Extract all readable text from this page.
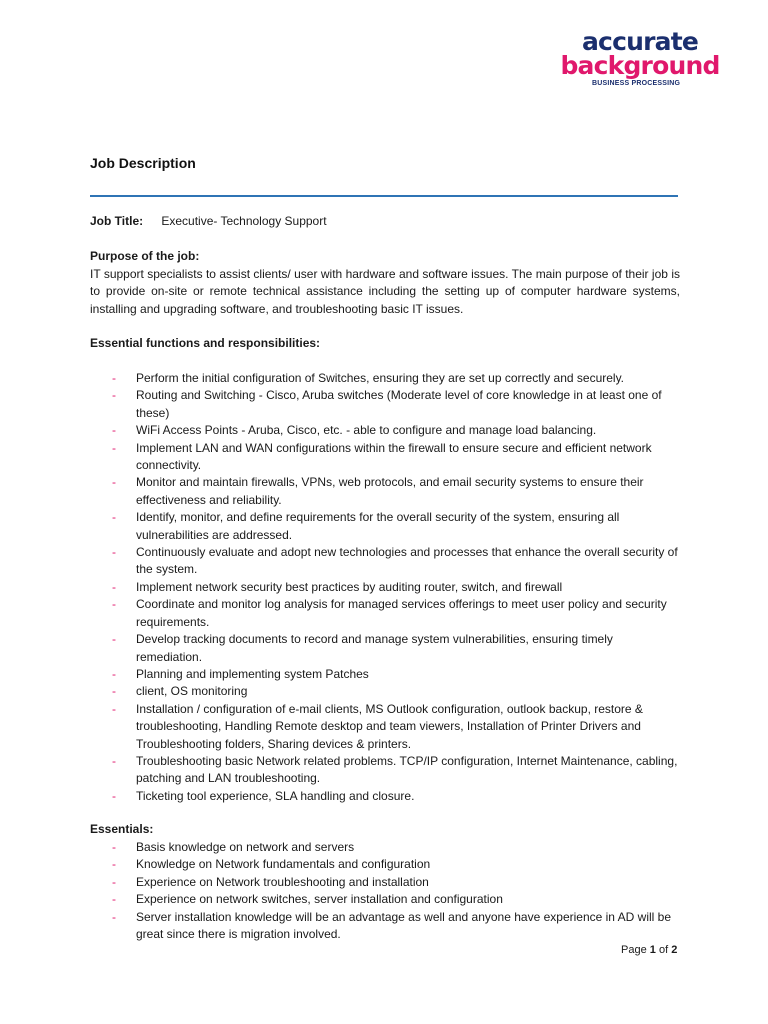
accurate
background
BUSINESS PROCESSING
Job Description
Job Title: Executive- Technology Support
Purpose of the job:
IT support specialists to assist clients/ user with hardware and software issues. The main purpose of their job is to provide on-site or remote technical assistance including the setting up of computer hardware systems, installing and upgrading software, and troubleshooting basic IT issues.
Essential functions and responsibilities:
- Perform the initial configuration of Switches, ensuring they are set up correctly and securely.
- Routing and Switching - Cisco, Aruba switches (Moderate level of core knowledge in at least one of these)
- WiFi Access Points - Aruba, Cisco, etc. - able to configure and manage load balancing.
- Implement LAN and WAN configurations within the firewall to ensure secure and efficient network connectivity.
- Monitor and maintain firewalls, VPNs, web protocols, and email security systems to ensure their effectiveness and reliability.
- Identify, monitor, and define requirements for the overall security of the system, ensuring all vulnerabilities are addressed.
- Continuously evaluate and adopt new technologies and processes that enhance the overall security of the system.
- Implement network security best practices by auditing router, switch, and firewall
- Coordinate and monitor log analysis for managed services offerings to meet user policy and security requirements.
- Develop tracking documents to record and manage system vulnerabilities, ensuring timely remediation.
- Planning and implementing system Patches
- client, OS monitoring
- Installation / configuration of e-mail clients, MS Outlook configuration, outlook backup, restore & troubleshooting, Handling Remote desktop and team viewers, Installation of Printer Drivers and Troubleshooting folders, Sharing devices & printers.
- Troubleshooting basic Network related problems. TCP/IP configuration, Internet Maintenance, cabling, patching and LAN troubleshooting.
- Ticketing tool experience, SLA handling and closure.
Essentials:
- Basis knowledge on network and servers
- Knowledge on Network fundamentals and configuration
- Experience on Network troubleshooting and installation
- Experience on network switches, server installation and configuration
- Server installation knowledge will be an advantage as well and anyone have experience in AD will be great since there is migration involved.
Page 1 of 2
